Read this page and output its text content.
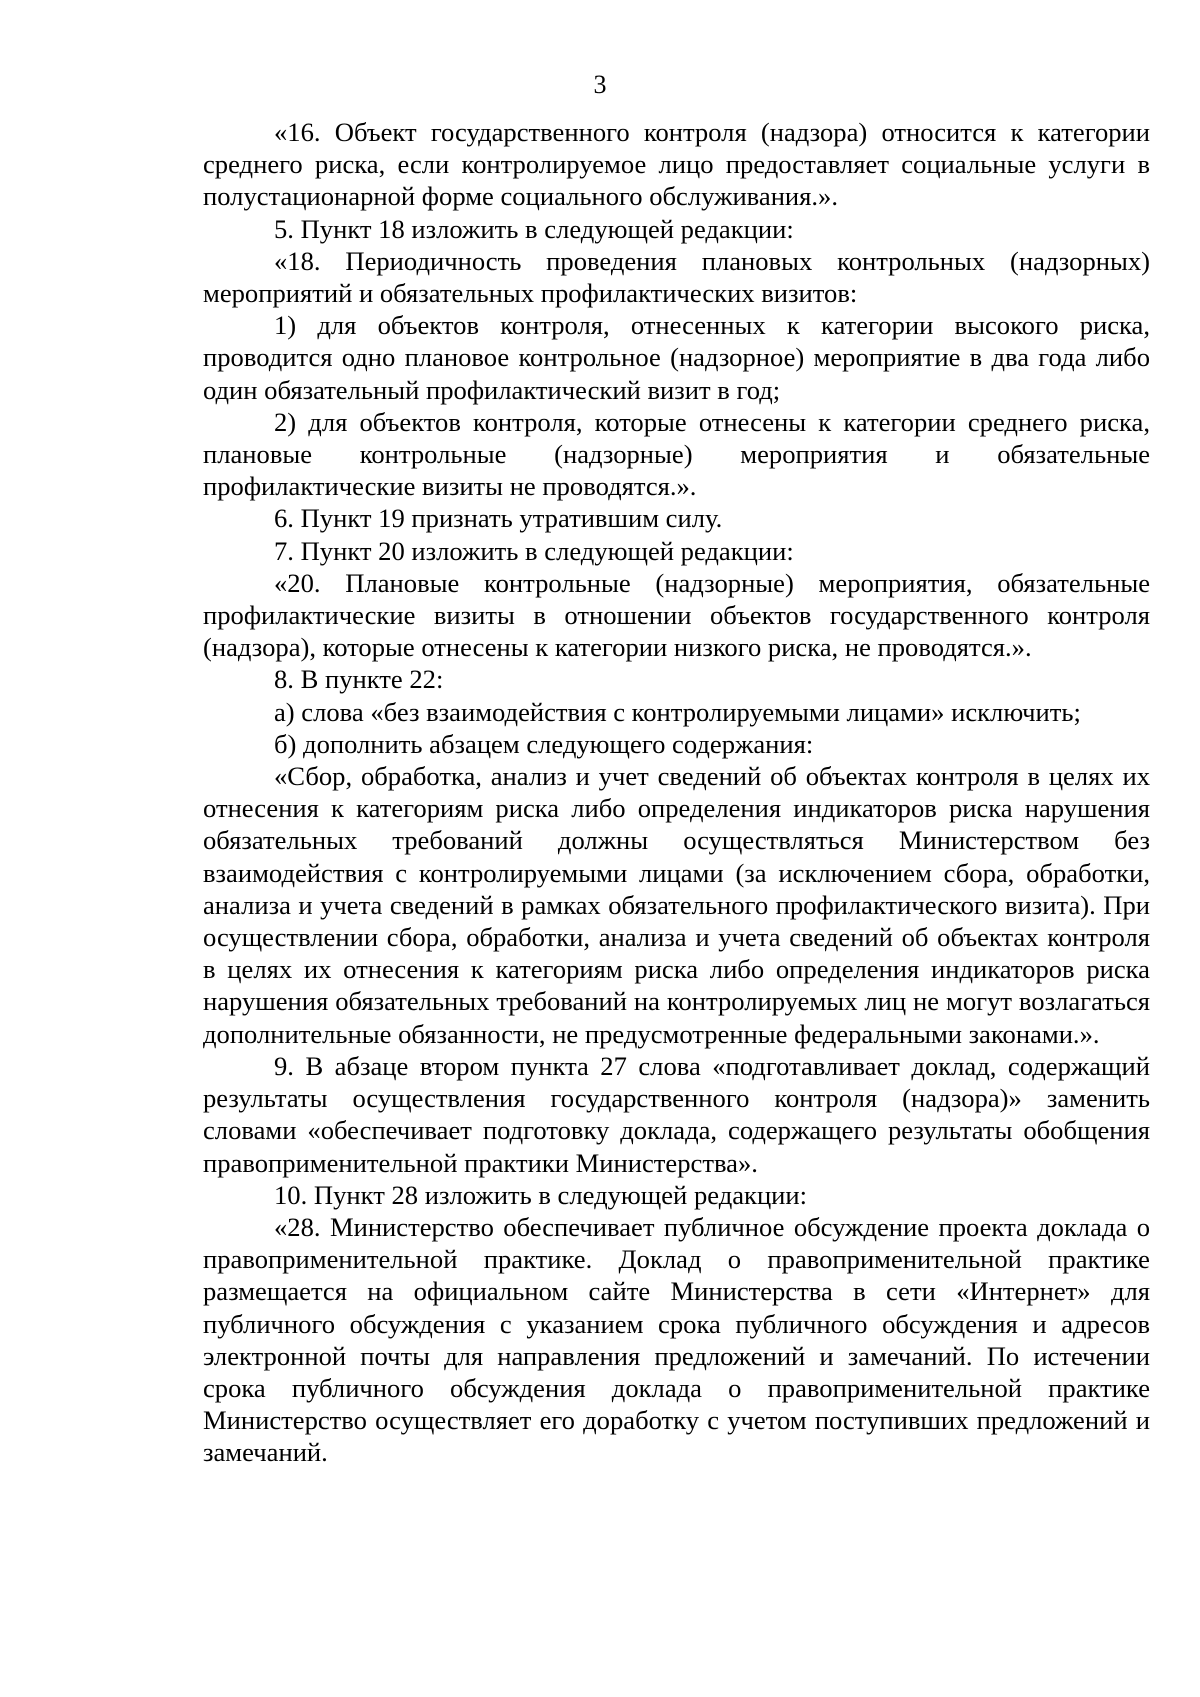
3

«16. Объект государственного контроля (надзора) относится к категории среднего риска, если контролируемое лицо предоставляет социальные услуги в полустационарной форме социального обслуживания.».

5. Пункт 18 изложить в следующей редакции:

«18. Периодичность проведения плановых контрольных (надзорных) мероприятий и обязательных профилактических визитов:

1) для объектов контроля, отнесенных к категории высокого риска, проводится одно плановое контрольное (надзорное) мероприятие в два года либо один обязательный профилактический визит в год;

2) для объектов контроля, которые отнесены к категории среднего риска, плановые контрольные (надзорные) мероприятия и обязательные профилактические визиты не проводятся.».

6. Пункт 19 признать утратившим силу.

7. Пункт 20 изложить в следующей редакции:

«20. Плановые контрольные (надзорные) мероприятия, обязательные профилактические визиты в отношении объектов государственного контроля (надзора), которые отнесены к категории низкого риска, не проводятся.».

8. В пункте 22:

а) слова «без взаимодействия с контролируемыми лицами» исключить;

б) дополнить абзацем следующего содержания:

«Сбор, обработка, анализ и учет сведений об объектах контроля в целях их отнесения к категориям риска либо определения индикаторов риска нарушения обязательных требований должны осуществляться Министерством без взаимодействия с контролируемыми лицами (за исключением сбора, обработки, анализа и учета сведений в рамках обязательного профилактического визита). При осуществлении сбора, обработки, анализа и учета сведений об объектах контроля в целях их отнесения к категориям риска либо определения индикаторов риска нарушения обязательных требований на контролируемых лиц не могут возлагаться дополнительные обязанности, не предусмотренные федеральными законами.».

9. В абзаце втором пункта 27 слова «подготавливает доклад, содержащий результаты осуществления государственного контроля (надзора)» заменить словами «обеспечивает подготовку доклада, содержащего результаты обобщения правоприменительной практики Министерства».

10. Пункт 28 изложить в следующей редакции:

«28. Министерство обеспечивает публичное обсуждение проекта доклада о правоприменительной практике. Доклад о правоприменительной практике размещается на официальном сайте Министерства в сети «Интернет» для публичного обсуждения с указанием срока публичного обсуждения и адресов электронной почты для направления предложений и замечаний. По истечении срока публичного обсуждения доклада о правоприменительной практике Министерство осуществляет его доработку с учетом поступивших предложений и замечаний.
